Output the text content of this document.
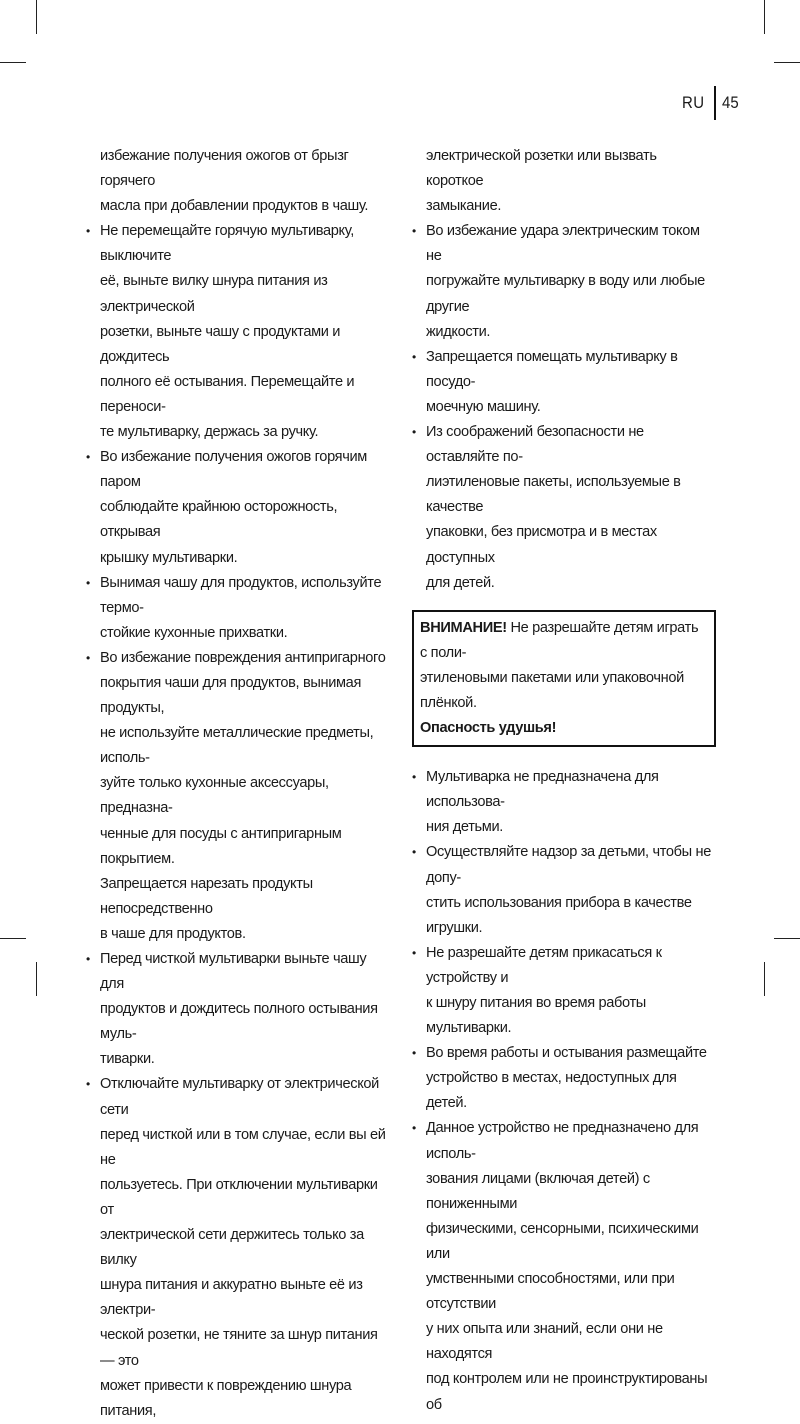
RU 45

избежание получения ожогов от брызг горячего
масла при добавлении продуктов в чашу.

• Не перемещайте горячую мультиварку, выключите
eё, выньте вилку шнура питания из электрической
розетки, выньте чашу с продуктами и дождитесь
полного её остывания. Перемещайте и переноси-
те мультиварку, держась за ручку.
• Во избежание получения ожогов горячим паром
соблюдайте крайнюю осторожность, открывая
крышку мультиварки.
• Вынимая чашу для продуктов, используйте термо-
стойкие кухонные прихватки.
• Во избежание повреждения антипригарного
покрытия чаши для продуктов, вынимая продукты,
не используйте металлические предметы, исполь-
зуйте только кухонные аксессуары, предназна-
ченные для посуды с антипригарным покрытием.
Запрещается нарезать продукты непосредственно
в чаше для продуктов.
• Перед чисткой мультиварки выньте чашу для
продуктов и дождитесь полного остывания муль-
тиварки.
• Отключайте мультиварку от электрической сети
перед чисткой или в том случае, если вы ей не
пользуетесь. При отключении мультиварки от
электрической сети держитесь только за вилку
шнура питания и аккуратно выньте её из электри-
ческой розетки, не тяните за шнур питания — это
может привести к повреждению шнура питания,

электрической розетки или вызвать короткое
замыкание.

• Во избежание удара электрическим током не
погружайте мультиварку в воду или любые другие
жидкости.
• Запрещается помещать мультиварку в посудо-
моечную машину.
• Из соображений безопасности не оставляйте по-
лиэтиленовые пакеты, используемые в качестве
упаковки, без присмотра и в местах доступных
для детей.
ВНИМАНИЕ! Не разрешайте детям играть с поли-
этиленовыми пакетами или упаковочной плёнкой.
Опасность удушья!
• Мультиварка не предназначена для использова-
ния детьми.
• Осуществляйте надзор за детьми, чтобы не допу-
стить использования прибора в качестве игрушки.
• Не разрешайте детям прикасаться к устройству и
к шнуру питания во время работы мультиварки.
• Во время работы и остывания размещайте
устройство в местах, недоступных для детей.
• Данное устройство не предназначено для исполь-
зования лицами (включая детей) с пониженными
физическими, сенсорными, психическими или
умственными способностями, или при отсутствии
у них опыта или знаний, если они не находятся
под контролем или не проинструктированы об
